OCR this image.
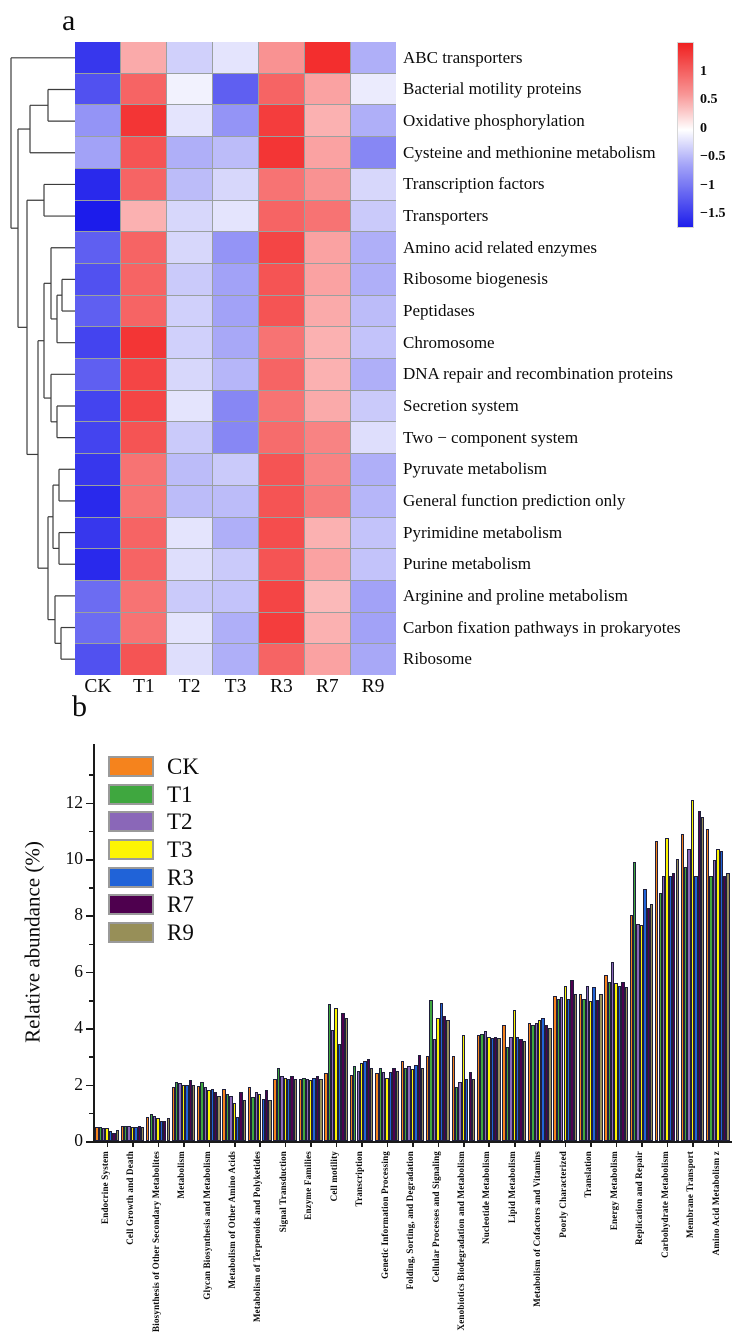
a
ABC transporters
Bacterial motility proteins
Oxidative phosphorylation
Cysteine and methionine metabolism
Transcription factors
Transporters
Amino acid related enzymes
Ribosome biogenesis
Peptidases
Chromosome
DNA repair and recombination proteins
Secretion system
Two − component system
Pyruvate metabolism
General function prediction only
Pyrimidine metabolism
Purine metabolism
Arginine and proline metabolism
Carbon fixation pathways in prokaryotes
Ribosome
CK T1 T2 T3 R3 R7 R9
1
0.5
0
−0.5
−1
−1.5
b
Relative abundance (%)
0
2
4
6
8
10
12
Endocrine System Cell Growth and Death Biosynthesis of Other Secondary Metabolites Metabolism Glycan Biosynthesis and Metabolism Metabolism of Other Amino Acids Metabolism of Terpenoids and Polyketides Signal Transduction Enzyme Families Cell motility Transcription Genetic Information Processing Folding, Sorting, and Degradation Cellular Processes and Signaling Xenobiotics Biodegradation and Metabolism Nucleotide Metabolism Lipid Metabolism Metabolism of Cofactors and Vitamins Poorly Characterized Translation Energy Metabolism Replication and Repair Carbohydrate Metabolism Membrane Transport Amino Acid Metabolism z
CK
T1
T2
T3
R3
R7
R9
